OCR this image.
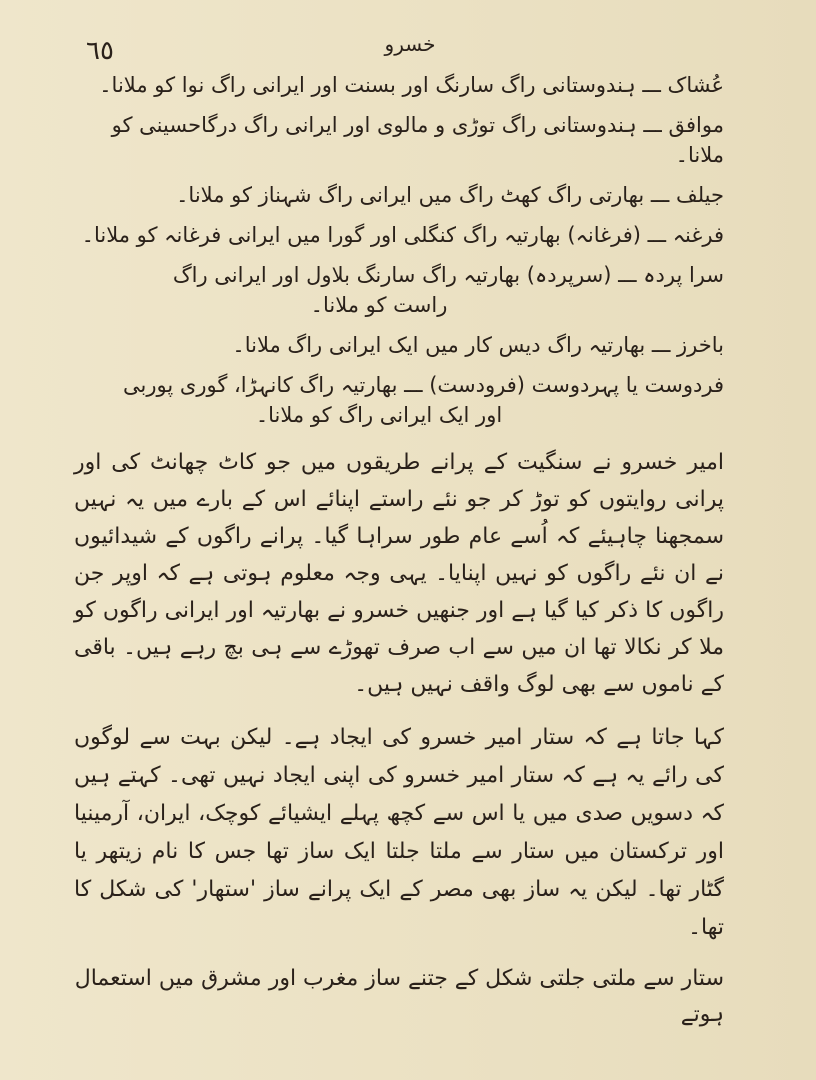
٦٥	خسرو
عُشاک ـــ ہندوستانی راگ سارنگ اور بسنت اور ایرانی راگ نوا کو ملانا۔
موافق ـــ ہندوستانی راگ توڑی و مالوی اور ایرانی راگ درگاحسینی کو ملانا۔
جیلف ـــ بھارتی راگ کھٹ راگ میں ایرانی راگ شہناز کو ملانا۔
فرغنہ ـــ (فرغانہ) بھارتیہ راگ کنگلی اور گورا میں ایرانی فرغانہ کو ملانا۔
سرا پردہ ـــ (سرپردہ) بھارتیہ راگ سارنگ بلاول اور ایرانی راگ
راست کو ملانا۔
باخرز ـــ بھارتیہ راگ دیس کار میں ایک ایرانی راگ ملانا۔
فردوست یا پہردوست (فرودست) ـــ بھارتیہ راگ کانہڑا، گوری پوربی
اور ایک ایرانی راگ کو ملانا۔

امیر خسرو نے سنگیت کے پرانے طریقوں میں جو کاٹ چھانٹ کی اور پرانی روایتوں کو توڑ کر جو نئے راستے اپنائے اس کے بارے میں یہ نہیں سمجھنا چاہیئے کہ اُسے عام طور سراہا گیا۔ پرانے راگوں کے شیدائیوں نے ان نئے راگوں کو نہیں اپنایا۔ یہی وجہ معلوم ہوتی ہے کہ اوپر جن راگوں کا ذکر کیا گیا ہے اور جنھیں خسرو نے بھارتیہ اور ایرانی راگوں کو ملا کر نکالا تھا ان میں سے اب صرف تھوڑے سے ہی بچ رہے ہیں۔ باقی کے ناموں سے بھی لوگ واقف نہیں ہیں۔

کہا جاتا ہے کہ ستار امیر خسرو کی ایجاد ہے۔ لیکن بہت سے لوگوں کی رائے یہ ہے کہ ستار امیر خسرو کی اپنی ایجاد نہیں تھی۔ کہتے ہیں کہ دسویں صدی میں یا اس سے کچھ پہلے ایشیائے کوچک، ایران، آرمینیا اور ترکستان میں ستار سے ملتا جلتا ایک ساز تھا جس کا نام زیتھر یا گٹار تھا۔ لیکن یہ ساز بھی مصر کے ایک پرانے ساز 'ستھار' کی شکل کا تھا۔

ستار سے ملتی جلتی شکل کے جتنے ساز مغرب اور مشرق میں استعمال ہوتے
